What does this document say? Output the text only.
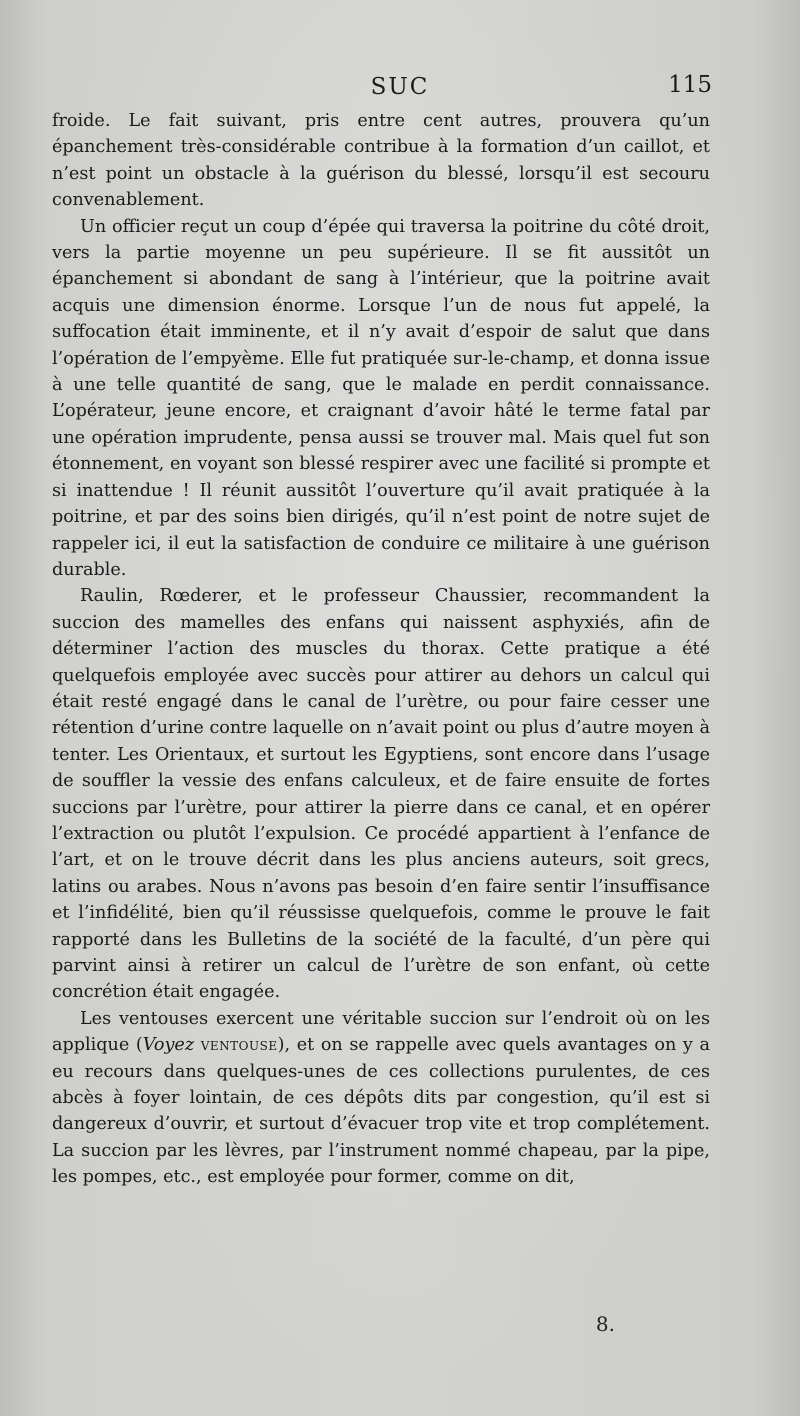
SUC	115

froide. Le fait suivant, pris entre cent autres, prouvera qu’un épanchement très-considérable contribue à la formation d’un caillot, et n’est point un obstacle à la guérison du blessé, lorsqu’il est secouru convenablement.

Un officier reçut un coup d’épée qui traversa la poitrine du côté droit, vers la partie moyenne un peu supérieure. Il se fit aussitôt un épanchement si abondant de sang à l’intérieur, que la poitrine avait acquis une dimension énorme. Lorsque l’un de nous fut appelé, la suffocation était imminente, et il n’y avait d’espoir de salut que dans l’opération de l’empyème. Elle fut pratiquée sur-le-champ, et donna issue à une telle quantité de sang, que le malade en perdit connaissance. L’opérateur, jeune encore, et craignant d’avoir hâté le terme fatal par une opération imprudente, pensa aussi se trouver mal. Mais quel fut son étonnement, en voyant son blessé respirer avec une facilité si prompte et si inattendue ! Il réunit aussitôt l’ouverture qu’il avait pratiquée à la poitrine, et par des soins bien dirigés, qu’il n’est point de notre sujet de rappeler ici, il eut la satisfaction de conduire ce militaire à une guérison durable.

Raulin, Rœderer, et le professeur Chaussier, recommandent la succion des mamelles des enfans qui naissent asphyxiés, afin de déterminer l’action des muscles du thorax. Cette pratique a été quelquefois employée avec succès pour attirer au dehors un calcul qui était resté engagé dans le canal de l’urètre, ou pour faire cesser une rétention d’urine contre laquelle on n’avait point ou plus d’autre moyen à tenter. Les Orientaux, et surtout les Egyptiens, sont encore dans l’usage de souffler la vessie des enfans calculeux, et de faire ensuite de fortes succions par l’urètre, pour attirer la pierre dans ce canal, et en opérer l’extraction ou plutôt l’expulsion. Ce procédé appartient à l’enfance de l’art, et on le trouve décrit dans les plus anciens auteurs, soit grecs, latins ou arabes. Nous n’avons pas besoin d’en faire sentir l’insuffisance et l’infidélité, bien qu’il réussisse quelquefois, comme le prouve le fait rapporté dans les Bulletins de la société de la faculté, d’un père qui parvint ainsi à retirer un calcul de l’urètre de son enfant, où cette concrétion était engagée.

Les ventouses exercent une véritable succion sur l’endroit où on les applique (Voyez ventouse), et on se rappelle avec quels avantages on y a eu recours dans quelques-unes de ces collections purulentes, de ces abcès à foyer lointain, de ces dépôts dits par congestion, qu’il est si dangereux d’ouvrir, et surtout d’évacuer trop vite et trop complétement. La succion par les lèvres, par l’instrument nommé chapeau, par la pipe, les pompes, etc., est employée pour former, comme on dit,

8.
